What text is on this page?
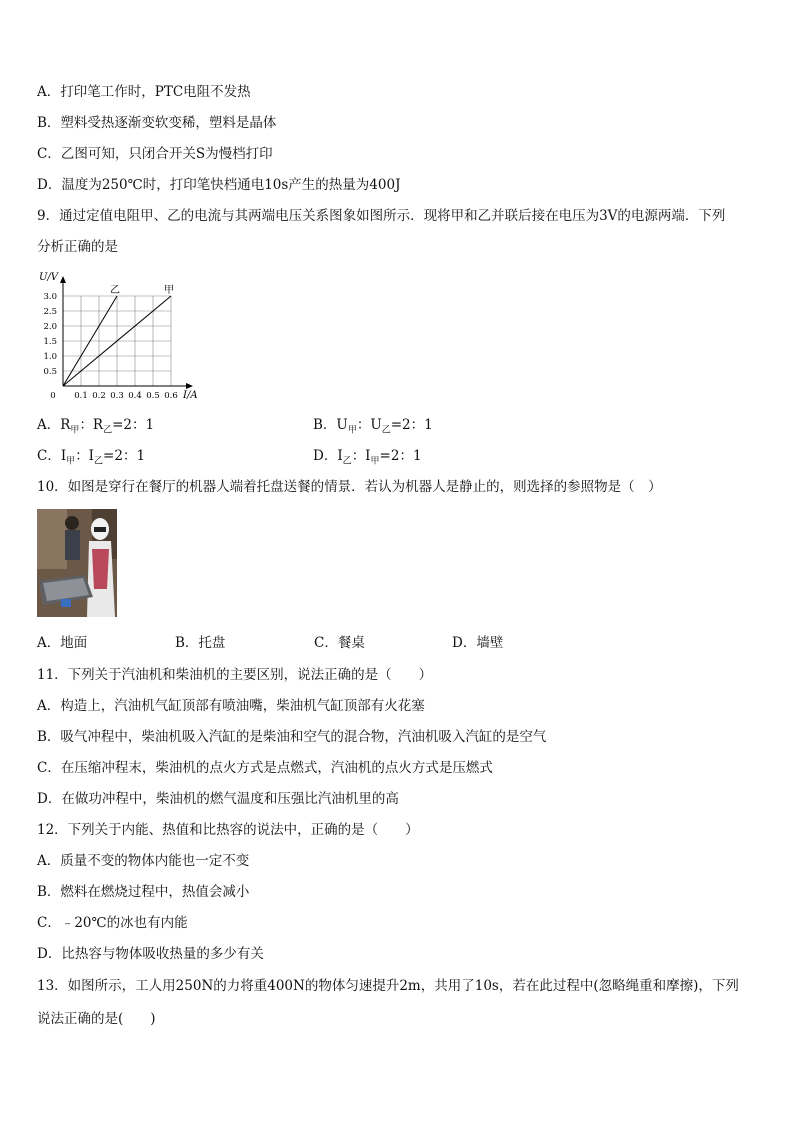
A．打印笔工作时，PTC电阻不发热
B．塑料受热逐渐变软变稀，塑料是晶体
C．乙图可知，只闭合开关S为慢档打印
D．温度为250℃时，打印笔快档通电10s产生的热量为400J
9．通过定值电阻甲、乙的电流与其两端电压关系图象如图所示．现将甲和乙并联后接在电压为3V的电源两端．下列
分析正确的是
乙	甲
0.1 0.2 0.3 0.4 0.5 0.6
0.5
1.0
1.5
2.0
2.5
3.0
0
U/V
I/A
A．$R_甲$：$R_乙=2$：1	B．$U_甲$：$U_乙=2$：1
C．$I_甲$：$I_乙=2$：1	D．$I_乙$：$I_甲=2$：1
10．如图是穿行在餐厅的机器人端着托盘送餐的情景．若认为机器人是静止的，则选择的参照物是（　）
A．地面	B．托盘	C．餐桌	D．墙壁
11．下列关于汽油机和柴油机的主要区别，说法正确的是（　　）
A．构造上，汽油机气缸顶部有喷油嘴，柴油机气缸顶部有火花塞
B．吸气冲程中，柴油机吸入汽缸的是柴油和空气的混合物，汽油机吸入汽缸的是空气
C．在压缩冲程末，柴油机的点火方式是点燃式，汽油机的点火方式是压燃式
D．在做功冲程中，柴油机的燃气温度和压强比汽油机里的高
12．下列关于内能、热值和比热容的说法中，正确的是（　　）
A．质量不变的物体内能也一定不变
B．燃料在燃烧过程中，热值会减小
C．﹣20℃的冰也有内能
D．比热容与物体吸收热量的多少有关
13．如图所示，工人用250N的力将重400N的物体匀速提升2m，共用了10s，若在此过程中(忽略绳重和摩擦)，下列
说法正确的是(　　)
